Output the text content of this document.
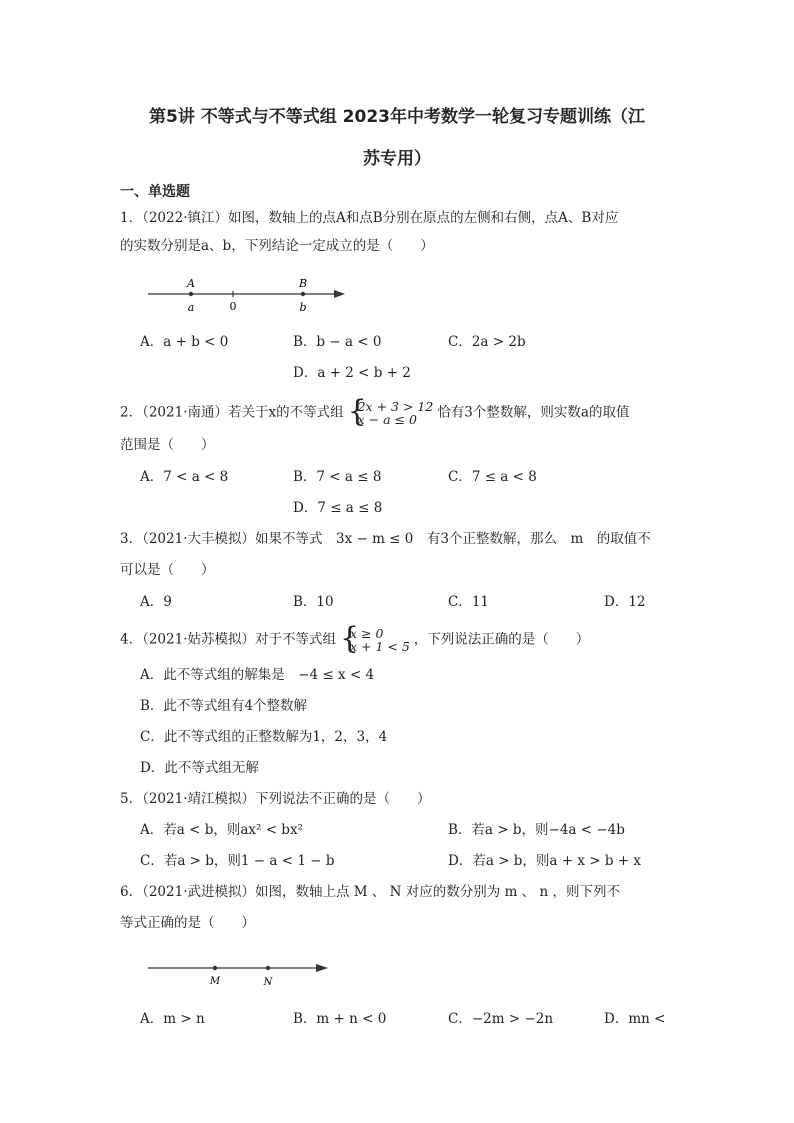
第5讲 不等式与不等式组 2023年中考数学一轮复习专题训练（江
苏专用）
一、单选题
1．（2022·镇江）如图，数轴上的点A和点B分别在原点的左侧和右侧，点A、B对应
的实数分别是a、b，下列结论一定成立的是（　　）
A
a	0
B
b
A．a + b < 0	B．b − a < 0	C．2a > 2b
D．a + 2 < b + 2
2．（2021·南通）若关于x的不等式组 {
2x + 3 > 12
x − a ≤ 0	恰有3个整数解，则实数a的取值
范围是（　　）
A．7 < a < 8	B．7 < a ≤ 8	C．7 ≤ a < 8
D．7 ≤ a ≤ 8
3．（2021·大丰模拟）如果不等式　3x − m ≤ 0　有3个正整数解，那么　m　的取值不
可以是（　　）
A．9	B．10	C．11	D．12
4．（2021·姑苏模拟）对于不等式组 {
x ≥ 0
x + 1 < 5 ，下列说法正确的是（　　）
A．此不等式组的解集是　−4 ≤ x < 4
B．此不等式组有4个整数解
C．此不等式组的正整数解为1，2，3，4
D．此不等式组无解
5．（2021·靖江模拟）下列说法不正确的是（　　）
A．若a < b，则ax² < bx²	B．若a > b，则−4a < −4b
C．若a > b，则1 − a < 1 − b	D．若a > b，则a + x > b + x
6．（2021·武进模拟）如图，数轴上点 M 、 N 对应的数分别为 m 、 n ，则下列不
等式正确的是（　　）
M	N
A．m > n	B．m + n < 0	C．−2m > −2n	D．mn <
